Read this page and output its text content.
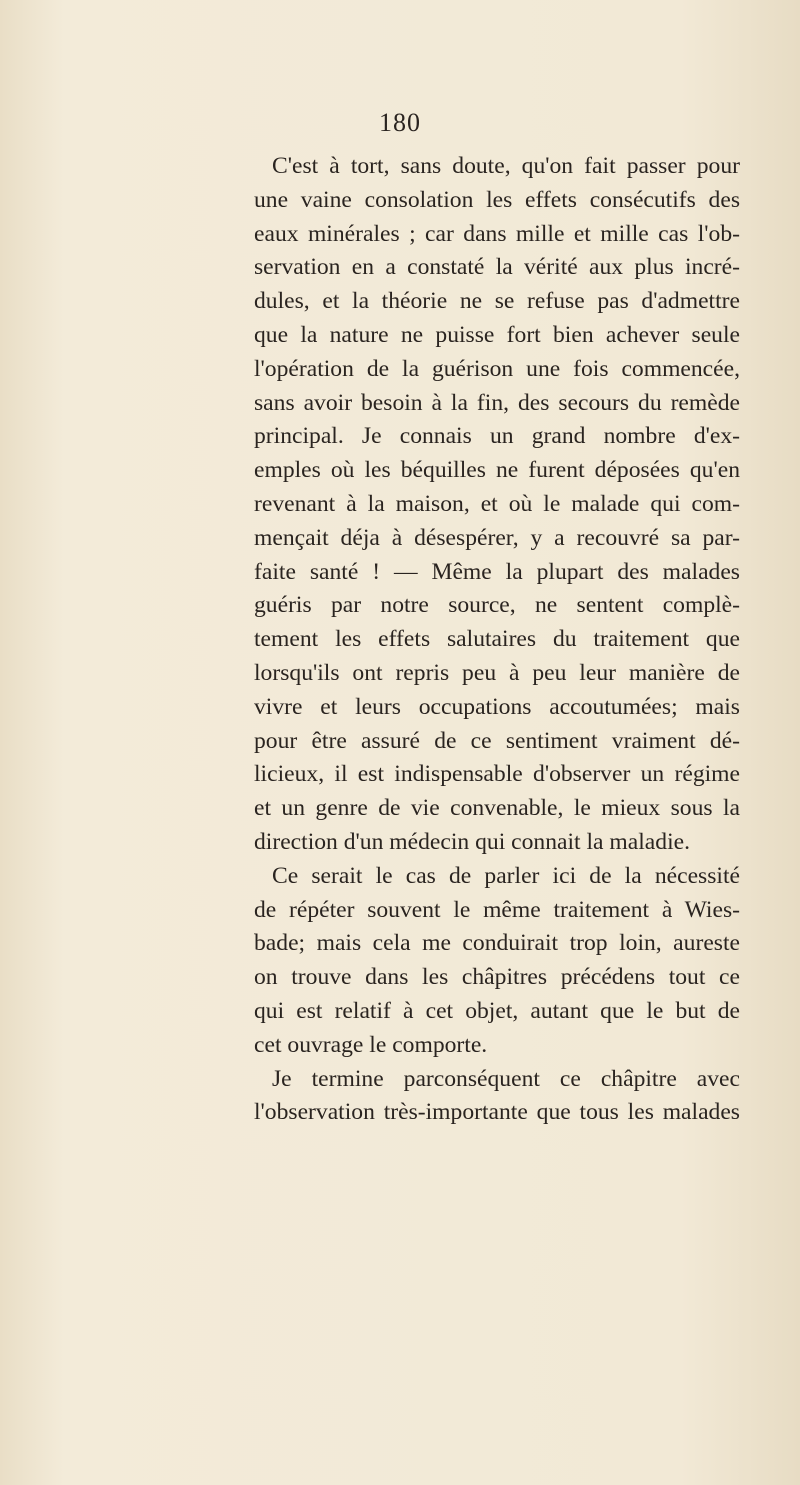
180
C'est à tort, sans doute, qu'on fait passer pour
une vaine consolation les effets consécutifs des
eaux minérales ; car dans mille et mille cas l'ob-
servation en a constaté la vérité aux plus incré-
dules, et la théorie ne se refuse pas d'admettre
que la nature ne puisse fort bien achever seule
l'opération de la guérison une fois commencée,
sans avoir besoin à la fin, des secours du remède
principal. Je connais un grand nombre d'ex-
emples où les béquilles ne furent déposées qu'en
revenant à la maison, et où le malade qui com-
mençait déja à désespérer, y a recouvré sa par-
faite santé ! — Même la plupart des malades
guéris par notre source, ne sentent complè-
tement les effets salutaires du traitement que
lorsqu'ils ont repris peu à peu leur manière de
vivre et leurs occupations accoutumées; mais
pour être assuré de ce sentiment vraiment dé-
licieux, il est indispensable d'observer un régime
et un genre de vie convenable, le mieux sous la
direction d'un médecin qui connait la maladie.
Ce serait le cas de parler ici de la nécessité
de répéter souvent le même traitement à Wies-
bade; mais cela me conduirait trop loin, aureste
on trouve dans les châpitres précédens tout ce
qui est relatif à cet objet, autant que le but de
cet ouvrage le comporte.
Je termine parconséquent ce châpitre avec
l'observation très-importante que tous les malades
